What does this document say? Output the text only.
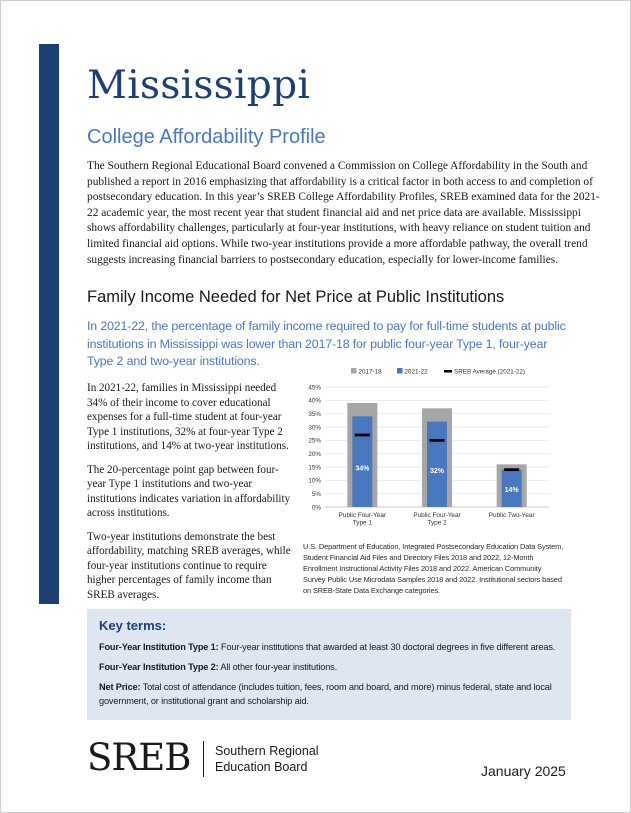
Mississippi
College Affordability Profile

The Southern Regional Educational Board convened a Commission on College Affordability in the South and published a report in 2016 emphasizing that affordability is a critical factor in both access to and completion of postsecondary education. In this year’s SREB College Affordability Profiles, SREB examined data for the 2021-22 academic year, the most recent year that student financial aid and net price data are available. Mississippi shows affordability challenges, particularly at four-year institutions, with heavy reliance on student tuition and limited financial aid options. While two-year institutions provide a more affordable pathway, the overall trend suggests increasing financial barriers to postsecondary education, especially for lower-income families.

Family Income Needed for Net Price at Public Institutions

In 2021-22, the percentage of family income required to pay for full-time students at public institutions in Mississippi was lower than 2017-18 for public four-year Type 1, four-year Type 2 and two-year institutions.

In 2021-22, families in Mississippi needed 34% of their income to cover educational expenses for a full-time student at four-year Type 1 institutions, 32% at four-year Type 2 institutions, and 14% at two-year institutions.

The 20-percentage point gap between four-year Type 1 institutions and two-year institutions indicates variation in affordability across institutions.

Two-year institutions demonstrate the best affordability, matching SREB averages, while four-year institutions continue to require higher percentages of family income than SREB averages.

0%
5%
10%
15%
20%
25%
30%
35%
40%
45%
2017-18	2021-22	SREB Average (2021-22)
34%
Public Four-Year
Type 1
32%
Public Four-Year
Type 2
14%
Public Two-Year

U.S. Department of Education, Integrated Postsecondary Education Data System, Student Financial Aid Files and Directory Files 2018 and 2022, 12-Month Enrollment Instructional Activity Files 2018 and 2022. American Community Survey Public Use Microdata Samples 2018 and 2022. Institutional sectors based on SREB-State Data Exchange categories.

Key terms:

Four-Year Institution Type 1: Four-year institutions that awarded at least 30 doctoral degrees in five different areas.

Four-Year Institution Type 2: All other four-year institutions.

Net Price: Total cost of attendance (includes tuition, fees, room and board, and more) minus federal, state and local government, or institutional grant and scholarship aid.

SREB Southern Regional
Education Board	January 2025
